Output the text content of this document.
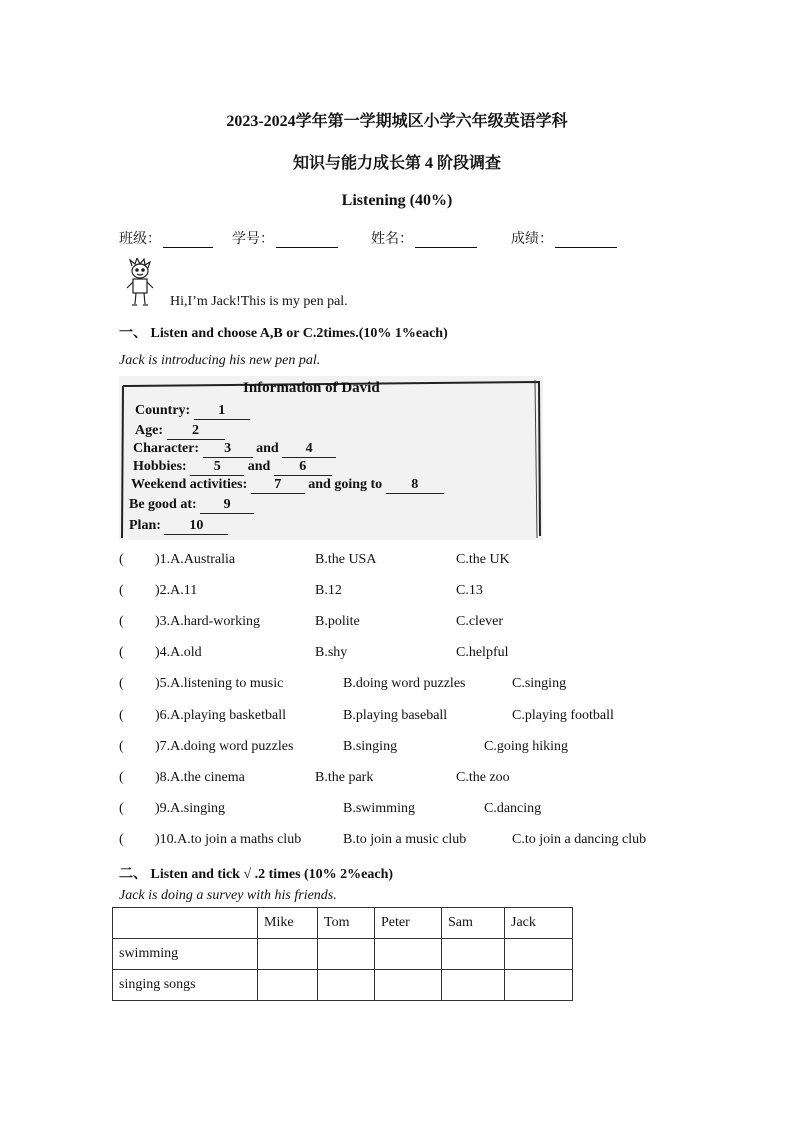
2023-2024学年第一学期城区小学六年级英语学科
知识与能力成长第 4 阶段调查
Listening (40%)
班级：	学号：	姓名：	成绩：
Hi,I’m Jack!This is my pen pal.
一、 Listen and choose A,B or C.2times.(10% 1%each)
Jack is introducing his new pen pal.
Information of David
Country: 1
Age: 2
Character: 3 and 4
Hobbies: 5 and 6
Weekend activities: 7 and going to 8
Be good at: 9
Plan: 10
( )1.A.Australia	B.the USA	C.the UK
( )2.A.11	B.12	C.13
( )3.A.hard-working	B.polite	C.clever
( )4.A.old	B.shy	C.helpful
( )5.A.listening to music	B.doing word puzzles	C.singing
( )6.A.playing basketball	B.playing baseball	C.playing football
( )7.A.doing word puzzles	B.singing	C.going hiking
( )8.A.the cinema	B.the park	C.the zoo
( )9.A.singing	B.swimming	C.dancing
( )10.A.to join a maths club	B.to join a music club	C.to join a dancing club
二、 Listen and tick √ .2 times (10% 2%each)
Jack is doing a survey with his friends.
	Mike	Tom	Peter	Sam	Jack
swimming					
singing songs					
